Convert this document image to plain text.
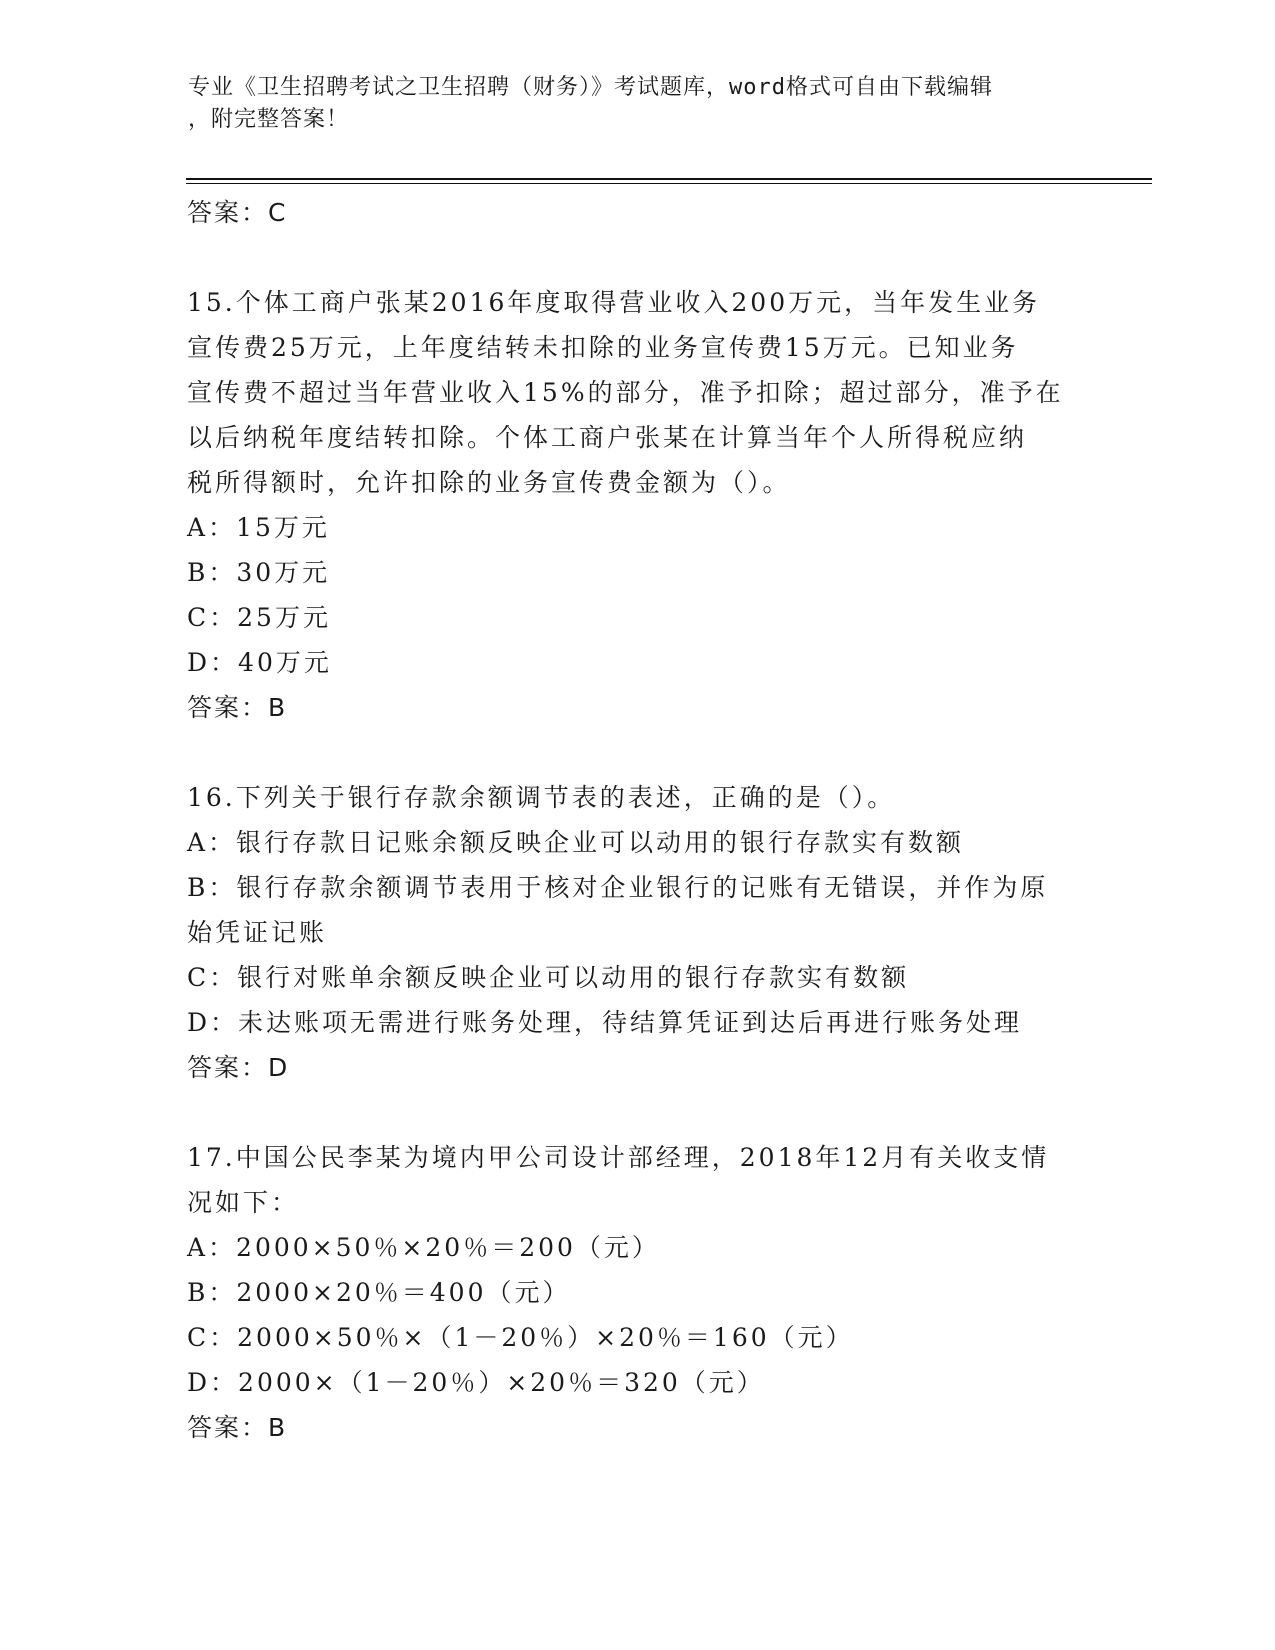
专业《卫生招聘考试之卫生招聘（财务）》考试题库，word格式可自由下载编辑
，附完整答案！
答案：C
15.个体工商户张某2016年度取得营业收入200万元，当年发生业务
宣传费25万元，上年度结转未扣除的业务宣传费15万元。已知业务
宣传费不超过当年营业收入15%的部分，准予扣除；超过部分，准予在
以后纳税年度结转扣除。个体工商户张某在计算当年个人所得税应纳
税所得额时，允许扣除的业务宣传费金额为（）。
A：15万元
B：30万元
C：25万元
D：40万元
答案：B
16.下列关于银行存款余额调节表的表述，正确的是（）。
A：银行存款日记账余额反映企业可以动用的银行存款实有数额
B：银行存款余额调节表用于核对企业银行的记账有无错误，并作为原
始凭证记账
C：银行对账单余额反映企业可以动用的银行存款实有数额
D：未达账项无需进行账务处理，待结算凭证到达后再进行账务处理
答案：D
17.中国公民李某为境内甲公司设计部经理，2018年12月有关收支情
况如下：
A：2000×50％×20％＝200（元）
B：2000×20％＝400（元）
C：2000×50％×（1－20％）×20％＝160（元）
D：2000×（1－20％）×20％＝320（元）
答案：B
